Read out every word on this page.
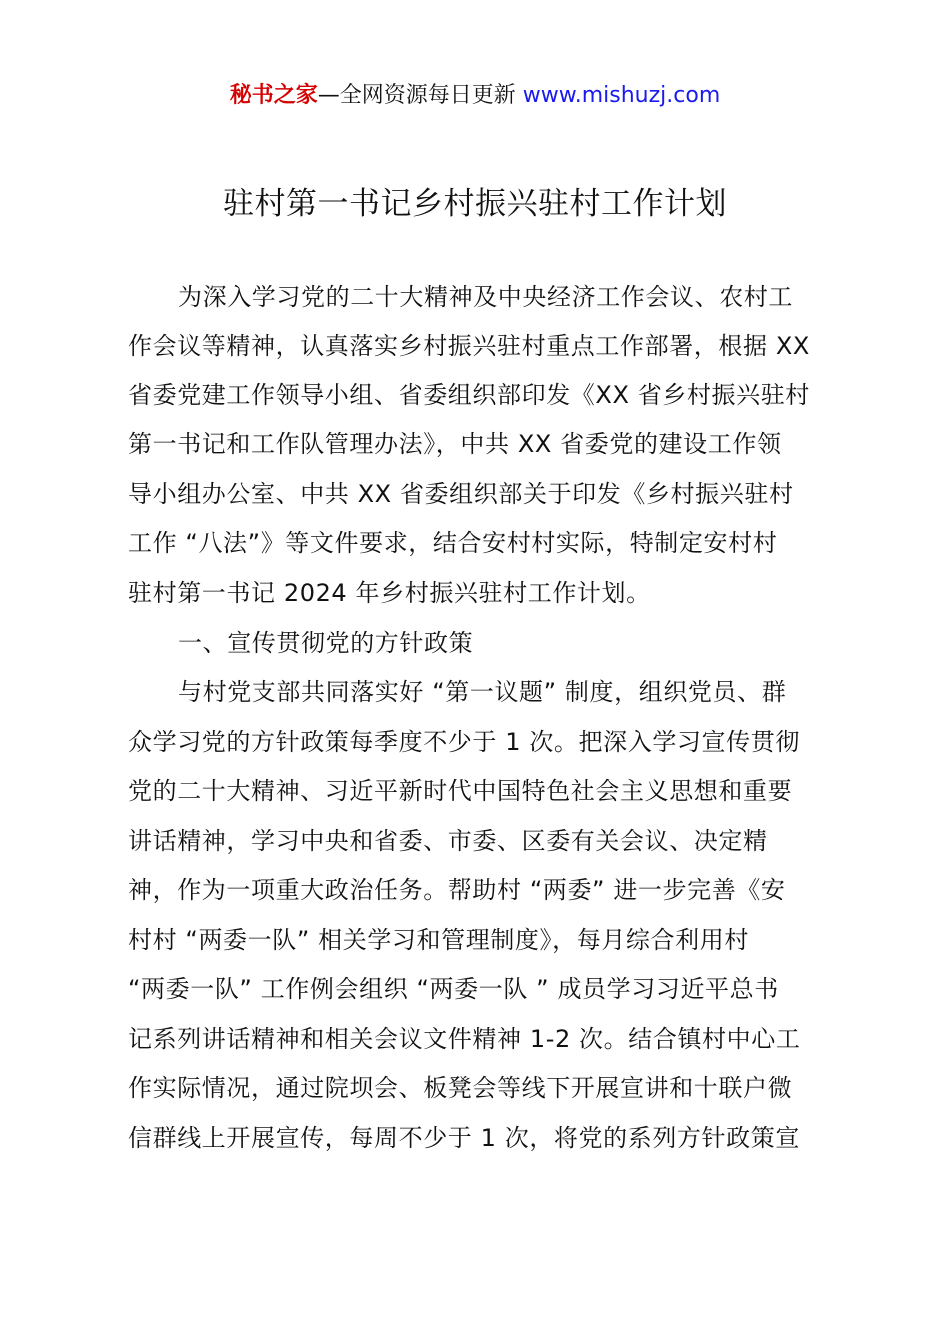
秘书之家—全网资源每日更新 www.mishuzj.com
驻村第一书记乡村振兴驻村工作计划
为深入学习党的二十大精神及中央经济工作会议、农村工
作会议等精神，认真落实乡村振兴驻村重点工作部署，根据 XX
省委党建工作领导小组、省委组织部印发《XX 省乡村振兴驻村
第一书记和工作队管理办法》，中共 XX 省委党的建设工作领
导小组办公室、中共 XX 省委组织部关于印发《乡村振兴驻村
工作 “八法”》等文件要求，结合安村村实际，特制定安村村
驻村第一书记 2024 年乡村振兴驻村工作计划。
一、宣传贯彻党的方针政策
与村党支部共同落实好 “第一议题” 制度，组织党员、群
众学习党的方针政策每季度不少于 1 次。把深入学习宣传贯彻
党的二十大精神、习近平新时代中国特色社会主义思想和重要
讲话精神，学习中央和省委、市委、区委有关会议、决定精
神，作为一项重大政治任务。帮助村 “两委” 进一步完善《安
村村 “两委一队” 相关学习和管理制度》，每月综合利用村
“两委一队” 工作例会组织 “两委一队 ” 成员学习习近平总书
记系列讲话精神和相关会议文件精神 1-2 次。结合镇村中心工
作实际情况，通过院坝会、板凳会等线下开展宣讲和十联户微
信群线上开展宣传，每周不少于 1 次，将党的系列方针政策宣
